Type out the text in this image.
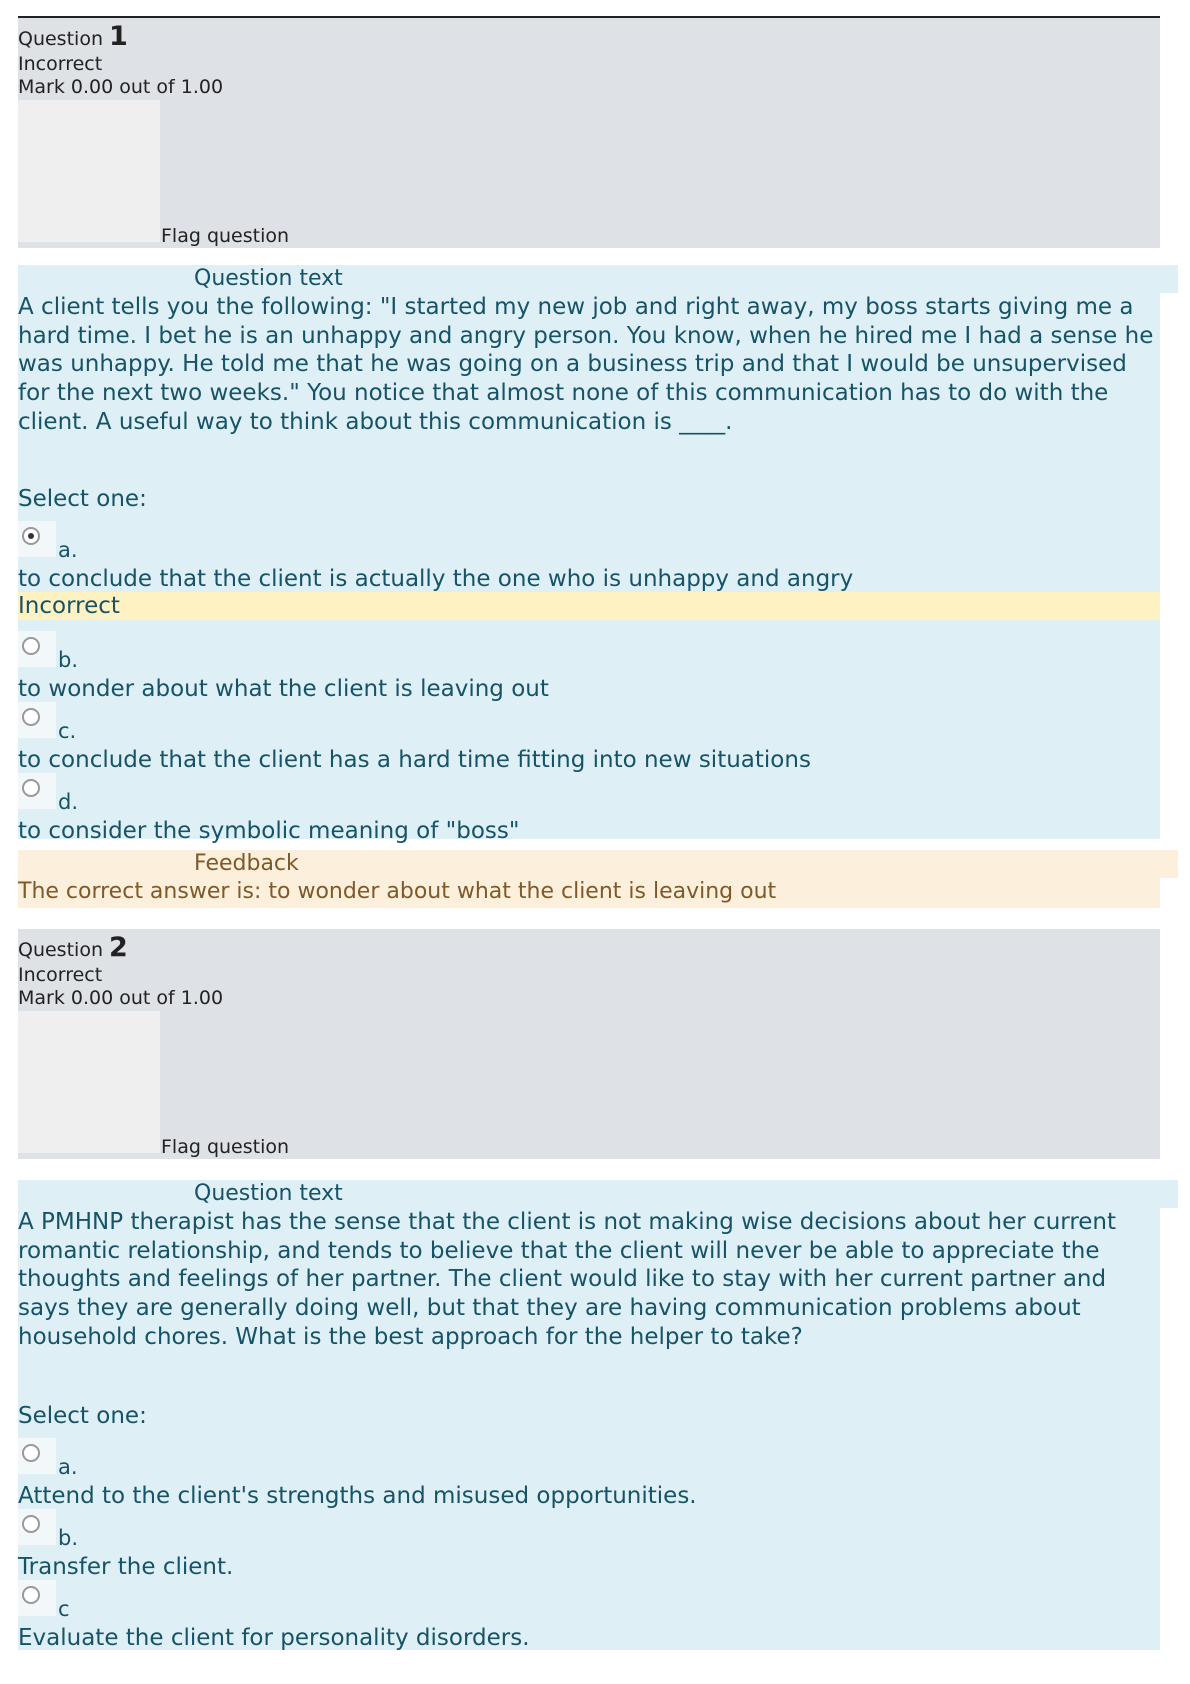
Question 1
Incorrect
Mark 0.00 out of 1.00
Flag question
Question text
A client tells you the following: "I started my new job and right away, my boss starts giving me a hard time. I bet he is an unhappy and angry person. You know, when he hired me I had a sense he was unhappy. He told me that he was going on a business trip and that I would be unsupervised for the next two weeks." You notice that almost none of this communication has to do with the client. A useful way to think about this communication is ____.
Select one:
a.
to conclude that the client is actually the one who is unhappy and angry
b.
to wonder about what the client is leaving out
c.
to conclude that the client has a hard time fitting into new situations
d.
to consider the symbolic meaning of "boss"
Incorrect
Feedback
The correct answer is: to wonder about what the client is leaving out
Question 2
Incorrect
Mark 0.00 out of 1.00
Flag question
Question text
A PMHNP therapist has the sense that the client is not making wise decisions about her current romantic relationship, and tends to believe that the client will never be able to appreciate the thoughts and feelings of her partner. The client would like to stay with her current partner and says they are generally doing well, but that they are having communication problems about household chores. What is the best approach for the helper to take?
Select one:
a.
Attend to the client's strengths and misused opportunities.
b.
Transfer the client.
c
Evaluate the client for personality disorders.
